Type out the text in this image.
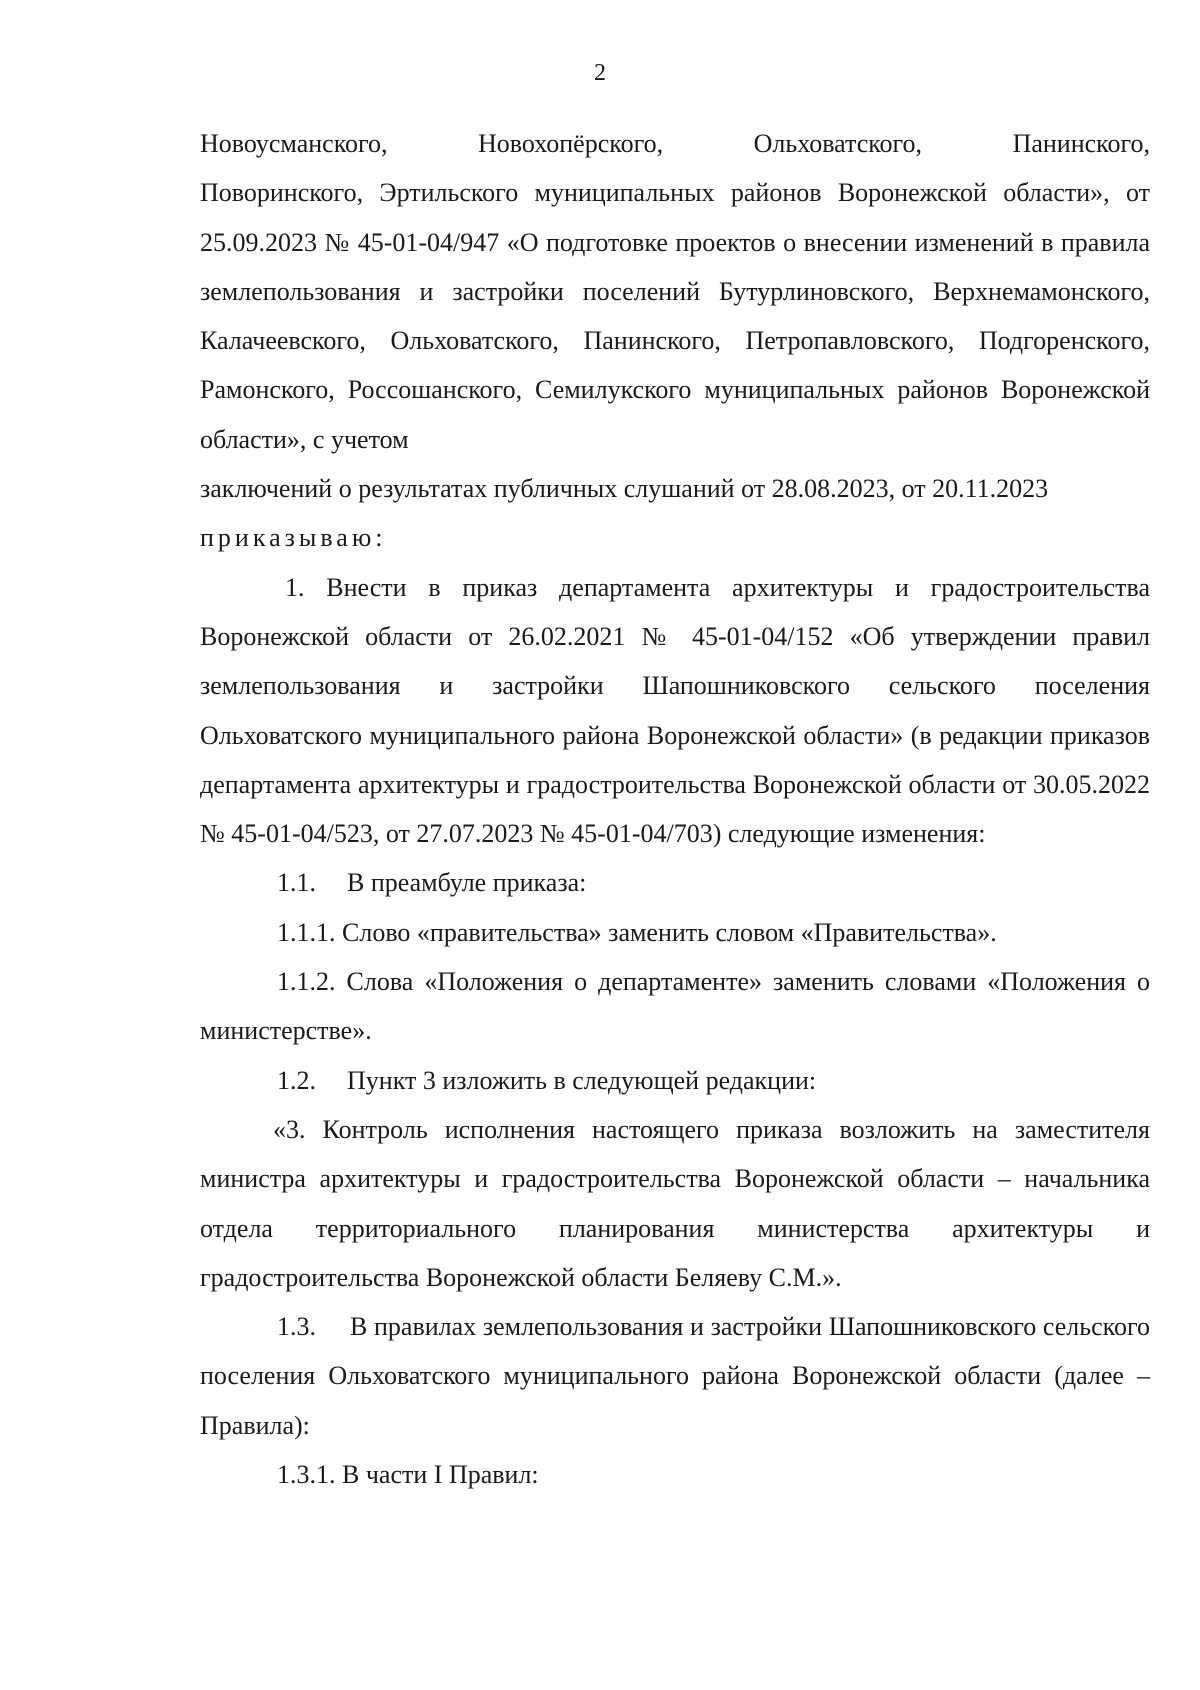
2

Новоусманского, Новохопёрского, Ольховатского, Панинского,

Поворинского, Эртильского муниципальных районов Воронежской области», от 25.09.2023 № 45-01-04/947 «О подготовке проектов о внесении изменений в правила землепользования и застройки поселений Бутурлиновского, Верхнемамонского, Калачеевского, Ольховатского, Панинского, Петропавловского, Подгоренского, Рамонского, Россошанского, Семилукского муниципальных районов Воронежской области», с учетом

заключений о результатах публичных слушаний от 28.08.2023, от 20.11.2023

приказываю:

1. Внести в приказ департамента архитектуры и градостроительства Воронежской области от 26.02.2021 № 45-01-04/152 «Об утверждении правил землепользования и застройки Шапошниковского сельского поселения Ольховатского муниципального района Воронежской области» (в редакции приказов департамента архитектуры и градостроительства Воронежской области от 30.05.2022 № 45-01-04/523, от 27.07.2023 № 45-01-04/703) следующие изменения:

1.1. В преамбуле приказа:

1.1.1. Слово «правительства» заменить словом «Правительства».

1.1.2. Слова «Положения о департаменте» заменить словами «Положения о министерстве».

1.2. Пункт 3 изложить в следующей редакции:

«3. Контроль исполнения настоящего приказа возложить на заместителя министра архитектуры и градостроительства Воронежской области – начальника отдела территориального планирования министерства архитектуры и градостроительства Воронежской области Беляеву С.М.».

1.3. В правилах землепользования и застройки Шапошниковского сельского поселения Ольховатского муниципального района Воронежской области (далее – Правила):

1.3.1. В части I Правил:
